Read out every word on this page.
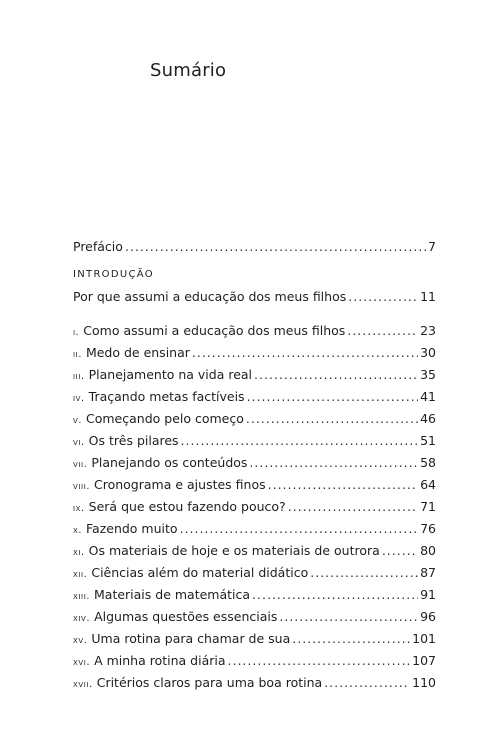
Sumário
Prefácio .....	7
INTRODUÇÃO
Por que assumi a educação dos meus filhos .....	11
i. Como assumi a educação dos meus filhos .....	23
ii. Medo de ensinar .....	30
iii. Planejamento na vida real .....	35
iv. Traçando metas factíveis .....	41
v. Começando pelo começo .....	46
vi. Os três pilares .....	51
vii. Planejando os conteúdos .....	58
viii. Cronograma e ajustes finos .....	64
ix. Será que estou fazendo pouco? .....	71
x. Fazendo muito .....	76
xi. Os materiais de hoje e os materiais de outrora .....	80
xii. Ciências além do material didático .....	87
xiii. Materiais de matemática .....	91
xiv. Algumas questões essenciais .....	96
xv. Uma rotina para chamar de sua .....	101
xvi. A minha rotina diária .....	107
xvii. Critérios claros para uma boa rotina .....	110
